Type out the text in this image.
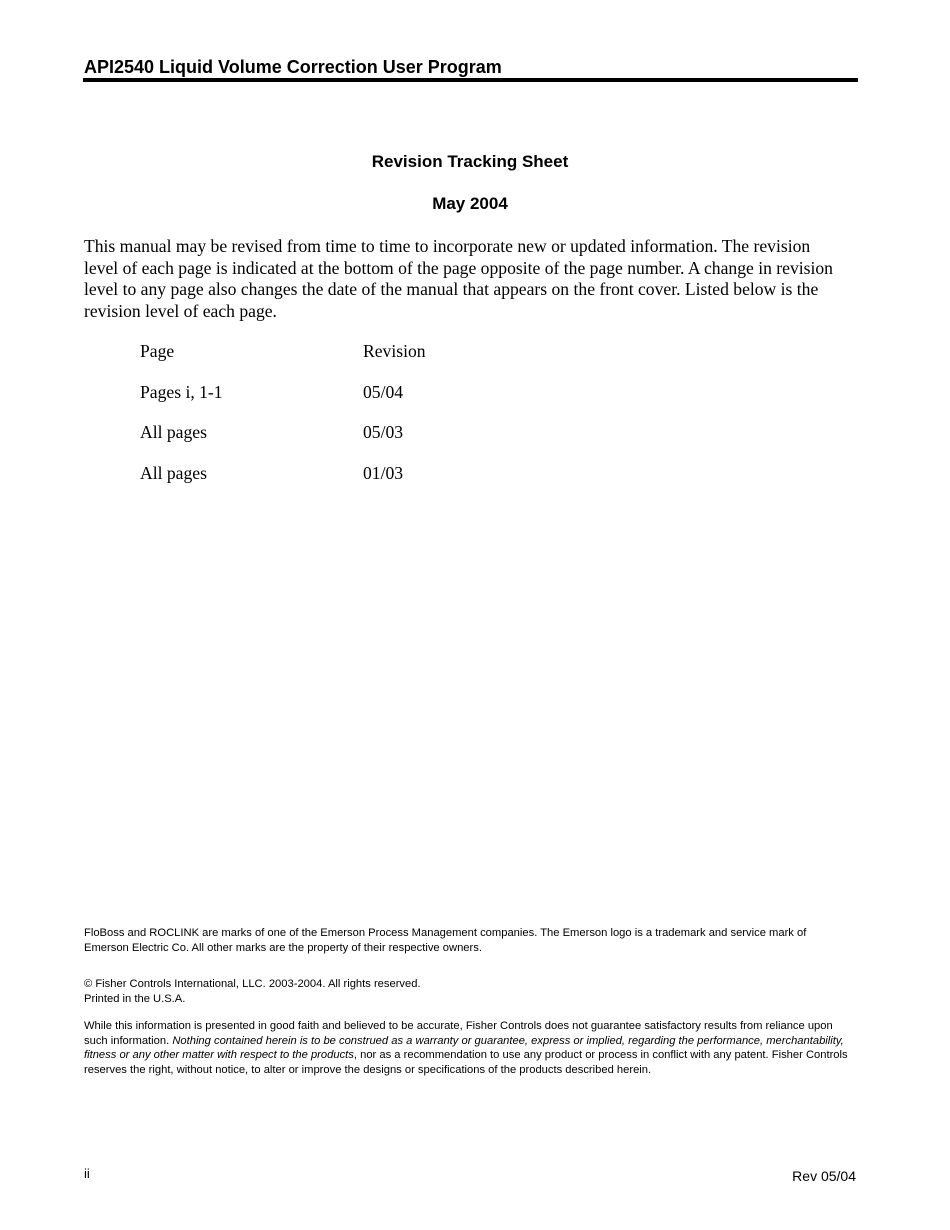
API2540 Liquid Volume Correction User Program
Revision Tracking Sheet
May 2004
This manual may be revised from time to time to incorporate new or updated information. The revision level of each page is indicated at the bottom of the page opposite of the page number. A change in revision level to any page also changes the date of the manual that appears on the front cover. Listed below is the revision level of each page.
Page	Revision
Pages i, 1-1	05/04
All pages	05/03
All pages	01/03
FloBoss and ROCLINK are marks of one of the Emerson Process Management companies. The Emerson logo is a trademark and service mark of Emerson Electric Co. All other marks are the property of their respective owners.
© Fisher Controls International, LLC. 2003-2004. All rights reserved.
Printed in the U.S.A.
While this information is presented in good faith and believed to be accurate, Fisher Controls does not guarantee satisfactory results from reliance upon such information. Nothing contained herein is to be construed as a warranty or guarantee, express or implied, regarding the performance, merchantability, fitness or any other matter with respect to the products, nor as a recommendation to use any product or process in conflict with any patent. Fisher Controls reserves the right, without notice, to alter or improve the designs or specifications of the products described herein.
ii	Rev 05/04
